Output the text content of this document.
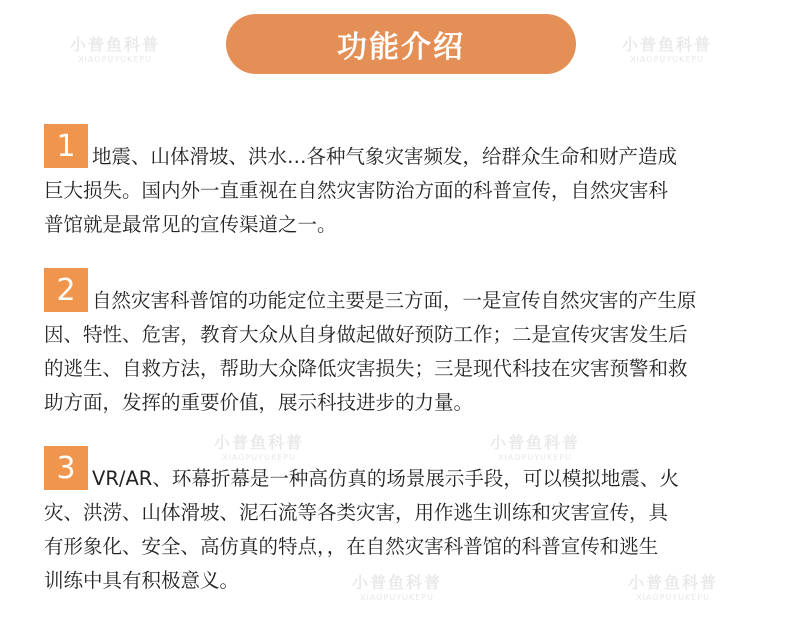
小普鱼科普
XIAOPUYUKEPU
小普鱼科普
XIAOPUYUKEPU
小普鱼科普
XIAOPUYUKEPU
小普鱼科普
XIAOPUYUKEPU
小普鱼科普
XIAOPUYUKEPU
小普鱼科普
XIAOPUYUKEPU
功能介绍
1 地震、山体滑坡、洪水…各种气象灾害频发，给群众生命和财产造成
巨大损失。国内外一直重视在自然灾害防治方面的科普宣传，自然灾害科
普馆就是最常见的宣传渠道之一。

2 自然灾害科普馆的功能定位主要是三方面，一是宣传自然灾害的产生原
因、特性、危害，教育大众从自身做起做好预防工作；二是宣传灾害发生后
的逃生、自救方法，帮助大众降低灾害损失；三是现代科技在灾害预警和救
助方面，发挥的重要价值，展示科技进步的力量。

3 VR/AR、环幕折幕是一种高仿真的场景展示手段，可以模拟地震、火
灾、洪涝、山体滑坡、泥石流等各类灾害，用作逃生训练和灾害宣传，具
有形象化、安全、高仿真的特点，，在自然灾害科普馆的科普宣传和逃生
训练中具有积极意义。
